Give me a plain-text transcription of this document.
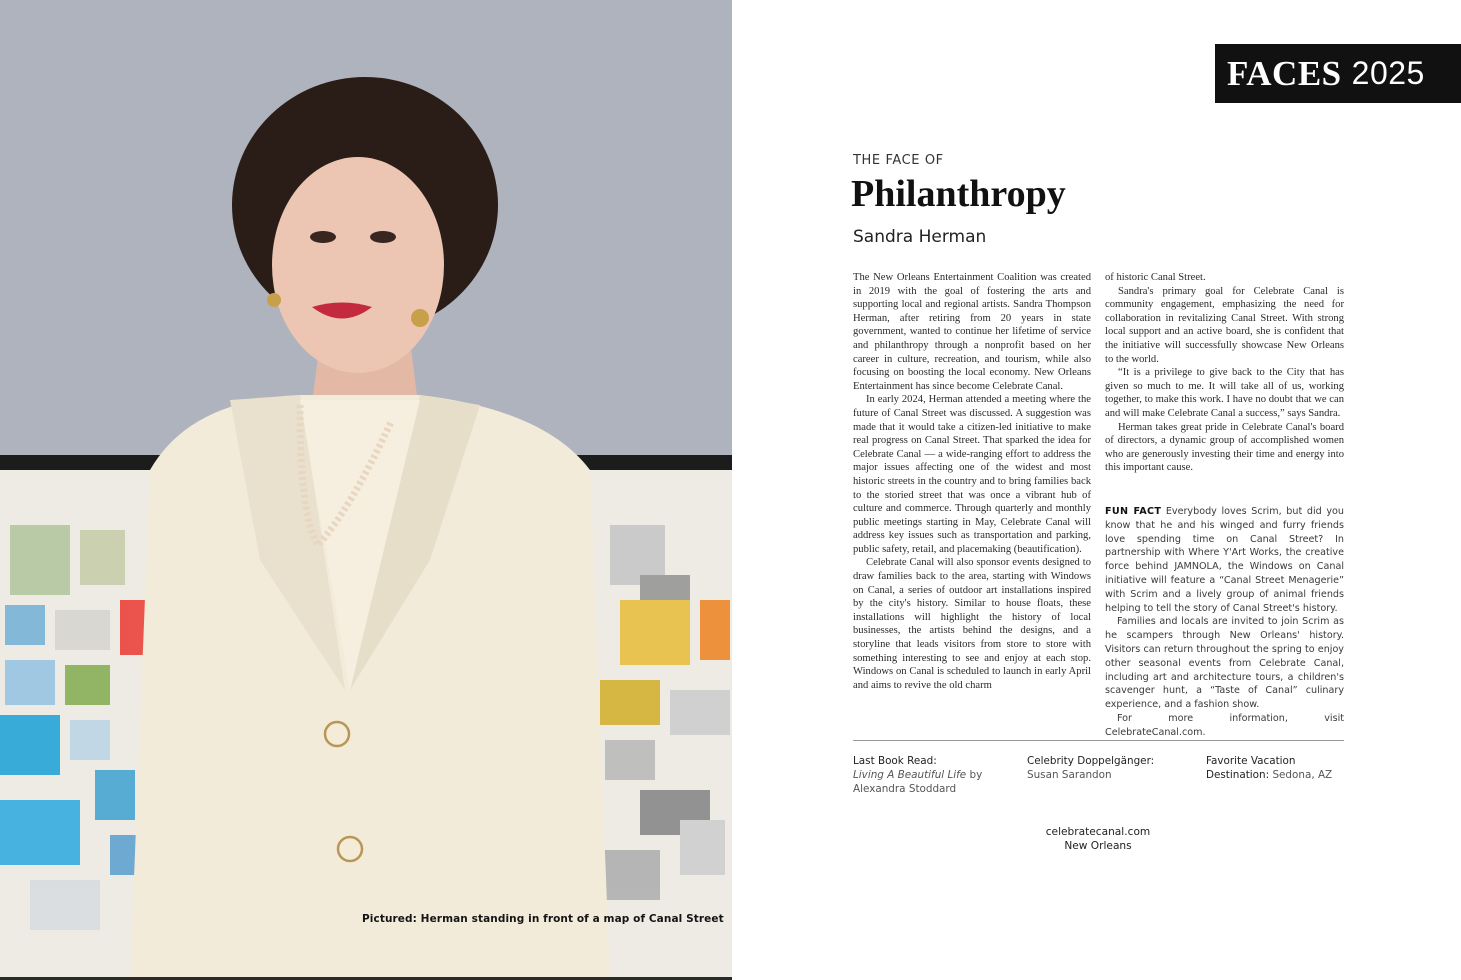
Pictured: Herman standing in front of a map of Canal Street
FACES 2025
THE FACE OF
Philanthropy
Sandra Herman

The New Orleans Entertainment Coalition was created in 2019 with the goal of fostering the arts and supporting local and regional artists. Sandra Thompson Herman, after retiring from 20 years in state government, wanted to continue her lifetime of service and philanthropy through a nonprofit based on her career in culture, recreation, and tourism, while also focusing on boosting the local economy. New Orleans Entertainment has since become Celebrate Canal.

In early 2024, Herman attended a meeting where the future of Canal Street was discussed. A suggestion was made that it would take a citizen-led initiative to make real progress on Canal Street. That sparked the idea for Celebrate Canal — a wide-ranging effort to address the major issues affecting one of the widest and most historic streets in the country and to bring families back to the storied street that was once a vibrant hub of culture and commerce. Through quarterly and monthly public meetings starting in May, Celebrate Canal will address key issues such as transportation and parking, public safety, retail, and placemaking (beautification).

Celebrate Canal will also sponsor events designed to draw families back to the area, starting with Windows on Canal, a series of outdoor art installations inspired by the city's history. Similar to house floats, these installations will highlight the history of local businesses, the artists behind the designs, and a storyline that leads visitors from store to store with something interesting to see and enjoy at each stop. Windows on Canal is scheduled to launch in early April and aims to revive the old charm

of historic Canal Street.

Sandra's primary goal for Celebrate Canal is community engagement, emphasizing the need for collaboration in revitalizing Canal Street. With strong local support and an active board, she is confident that the initiative will successfully showcase New Orleans to the world.

“It is a privilege to give back to the City that has given so much to me. It will take all of us, working together, to make this work. I have no doubt that we can and will make Celebrate Canal a success,” says Sandra.

Herman takes great pride in Celebrate Canal's board of directors, a dynamic group of accomplished women who are generously investing their time and energy into this important cause.

FUN FACT Everybody loves Scrim, but did you know that he and his winged and furry friends love spending time on Canal Street? In partnership with Where Y'Art Works, the creative force behind JAMNOLA, the Windows on Canal initiative will feature a “Canal Street Menagerie” with Scrim and a lively group of animal friends helping to tell the story of Canal Street's history.

Families and locals are invited to join Scrim as he scampers through New Orleans' history. Visitors can return throughout the spring to enjoy other seasonal events from Celebrate Canal, including art and architecture tours, a children's scavenger hunt, a “Taste of Canal” culinary experience, and a fashion show.

For more information, visit CelebrateCanal.com.

Last Book Read:
Living A Beautiful Life by Alexandra Stoddard
Celebrity Doppelgänger:
Susan Sarandon
Favorite Vacation Destination: Sedona, AZ
celebratecanal.com
New Orleans
